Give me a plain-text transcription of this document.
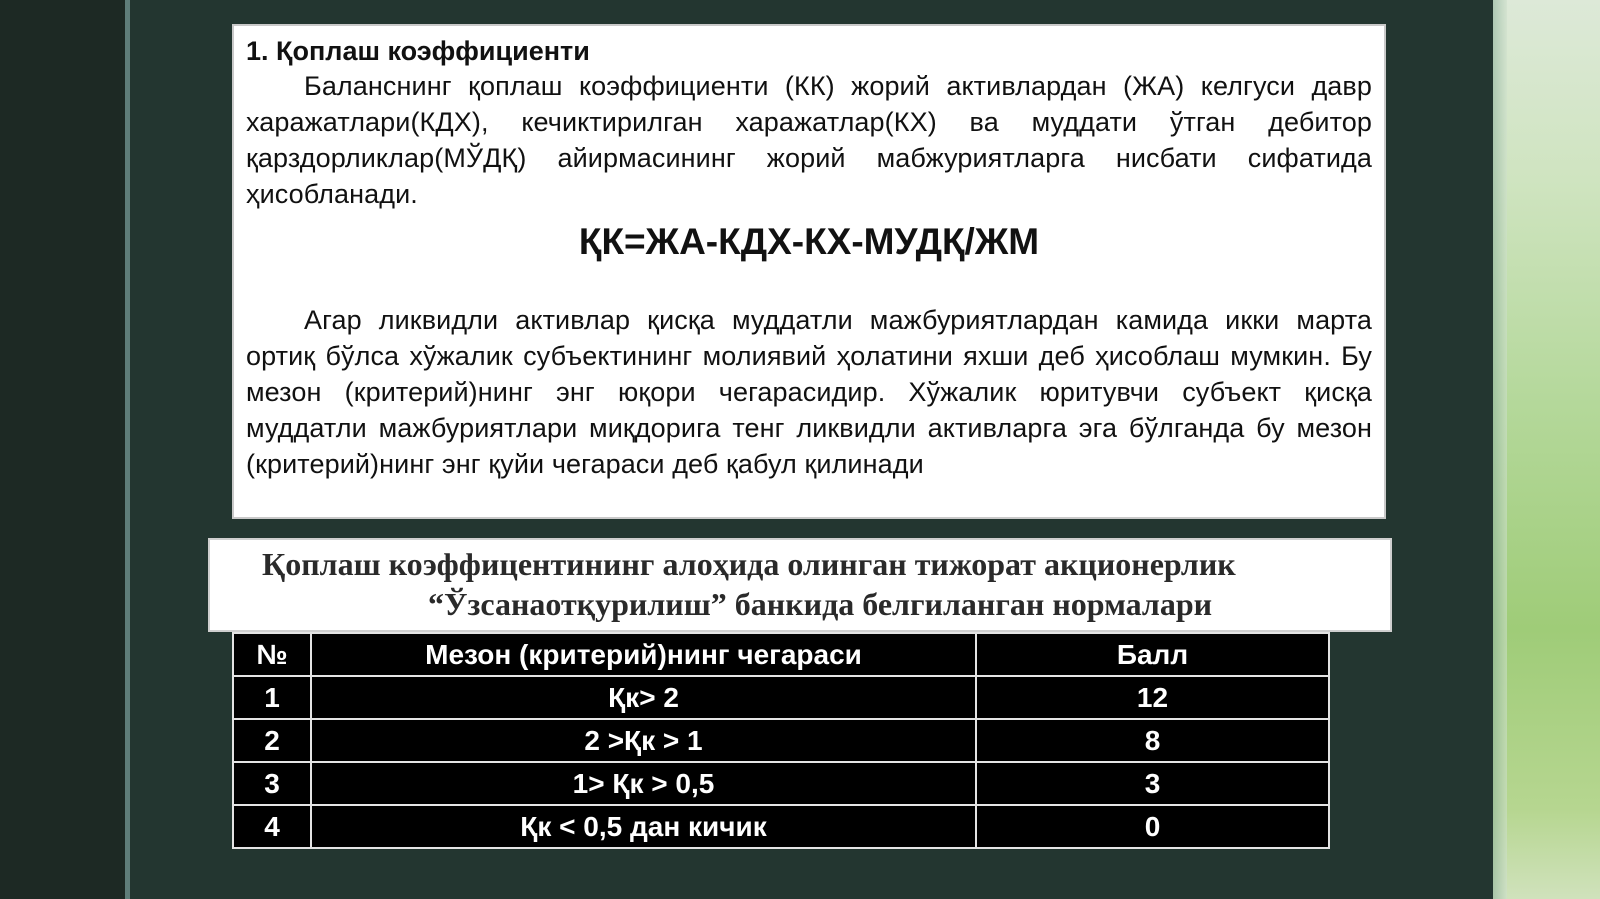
1. Қоплаш коэффициенти

Баланснинг қоплаш коэффициенти (КК) жорий активлардан (ЖА) келгуси давр харажатлари(КДХ), кечиктирилган харажатлар(КХ) ва муддати ўтган дебитор қарздорликлар(МЎДҚ) айирмасининг жорий мабжуриятларга нисбати сифатида ҳисобланади.

ҚК=ЖА-КДХ-КХ-МУДҚ/ЖМ

Агар ликвидли активлар қисқа муддатли мажбуриятлардан камида икки марта ортиқ бўлса хўжалик субъектининг молиявий ҳолатини яхши деб ҳисоблаш мумкин. Бу мезон (критерий)нинг энг юқори чегарасидир. Хўжалик юритувчи субъект қисқа муддатли мажбуриятлари миқдорига тенг ликвидли активларга эга бўлганда бу мезон (критерий)нинг энг қуйи чегараси деб қабул қилинади

Қоплаш коэффицентининг алоҳида олинган тижорат акционерлик
“Ўзсанаотқурилиш” банкида белгиланган нормалари
№	Мезон (критерий)нинг чегараси	Балл
1	Қк> 2	12
2	2 >Қк > 1	8
3	1> Қк > 0,5	3
4	Қк < 0,5 дан кичик	0
